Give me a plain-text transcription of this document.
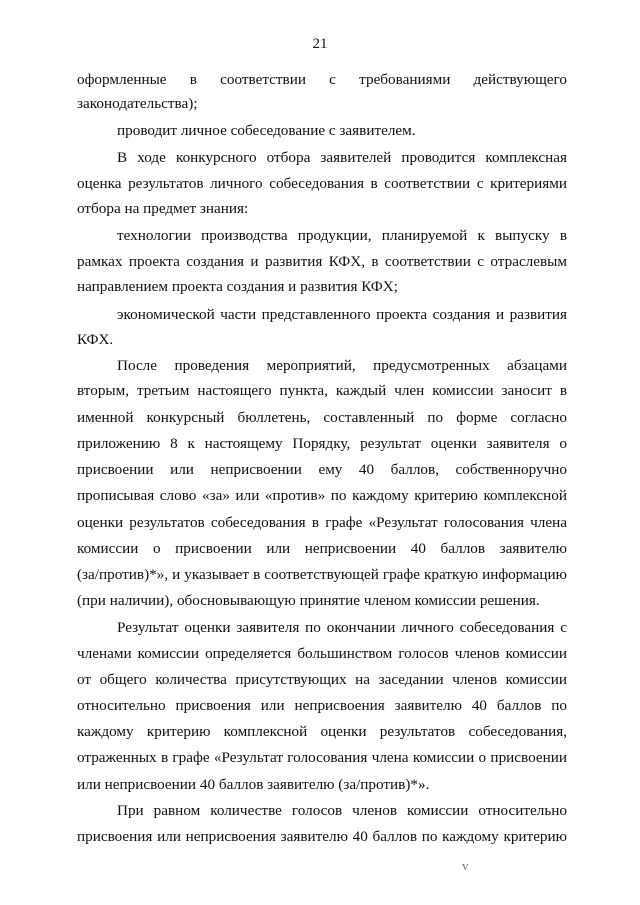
21
оформленные в соответствии с требованиями действующего
законодательства);
проводит личное собеседование с заявителем.
В ходе конкурсного отбора заявителей проводится комплексная
оценка результатов личного собеседования в соответствии с критериями
отбора на предмет знания:
технологии производства продукции, планируемой к выпуску в
рамках проекта создания и развития КФХ, в соответствии с отраслевым
направлением проекта создания и развития КФХ;
экономической части представленного проекта создания и развития
КФХ.
После проведения мероприятий, предусмотренных абзацами
вторым, третьим настоящего пункта, каждый член комиссии заносит в
именной конкурсный бюллетень, составленный по форме согласно
приложению 8 к настоящему Порядку, результат оценки заявителя о
присвоении или неприсвоении ему 40 баллов, собственноручно
прописывая слово «за» или «против» по каждому критерию комплексной
оценки результатов собеседования в графе «Результат голосования члена
комиссии о присвоении или неприсвоении 40 баллов заявителю
(за/против)*», и указывает в соответствующей графе краткую информацию
(при наличии), обосновывающую принятие членом комиссии решения.
Результат оценки заявителя по окончании личного собеседования с
членами комиссии определяется большинством голосов членов комиссии
от общего количества присутствующих на заседании членов комиссии
относительно присвоения или неприсвоения заявителю 40 баллов по
каждому критерию комплексной оценки результатов собеседования,
отраженных в графе «Результат голосования члена комиссии о присвоении
или неприсвоении 40 баллов заявителю (за/против)*».
При равном количестве голосов членов комиссии относительно
присвоения или неприсвоения заявителю 40 баллов по каждому критерию
v
